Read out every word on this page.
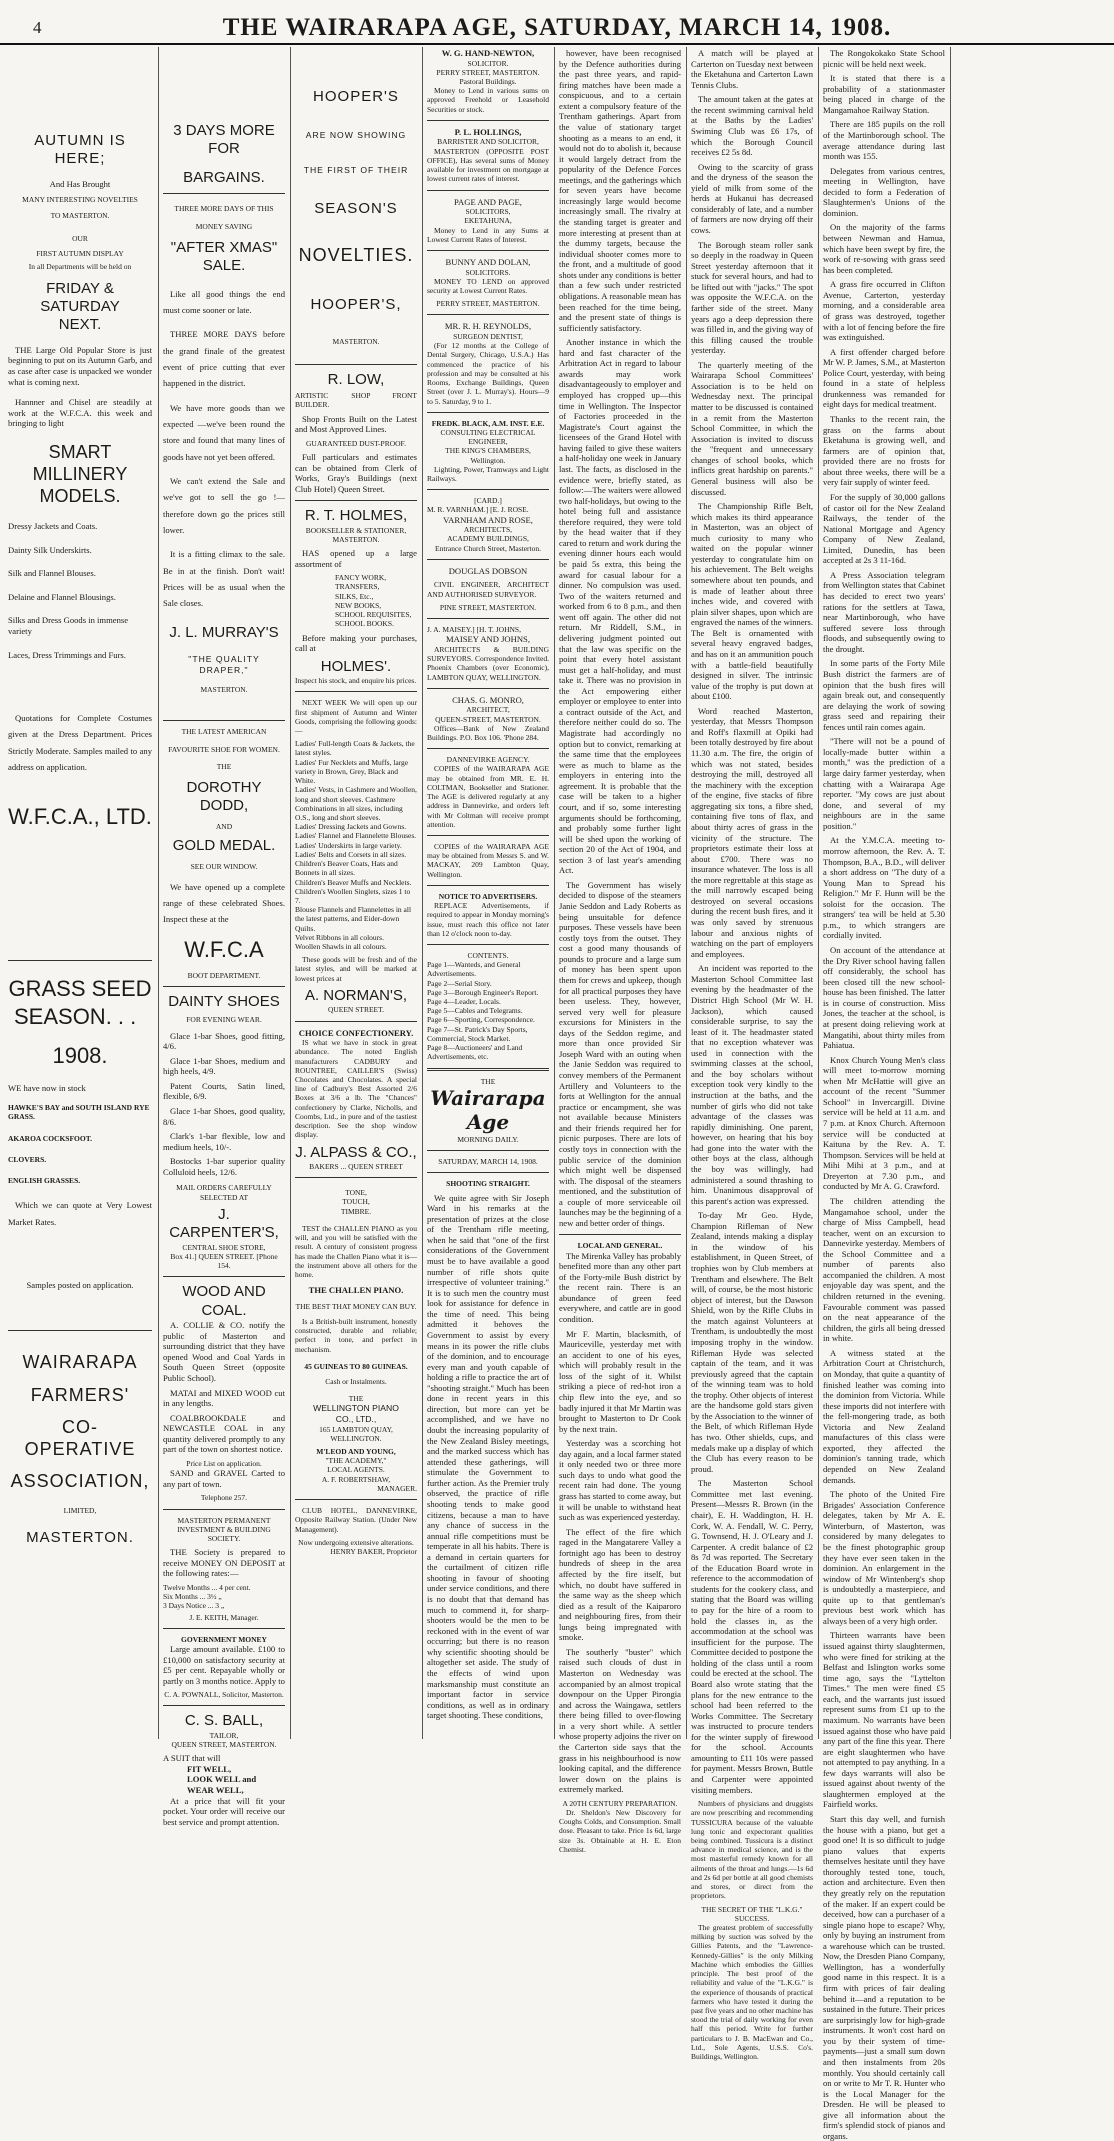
4	THE WAIRARAPA AGE, SATURDAY, MARCH 14, 1908.
AUTUMN IS HERE;
And Has Brought
MANY INTERESTING NOVELTIES
TO MASTERTON.
OUR
FIRST AUTUMN DISPLAY
In all Departments will be held on
FRIDAY & SATURDAY
NEXT.

THE Large Old Popular Store is just beginning to put on its Autumn Garb, and as case after case is unpacked we wonder what is coming next.

Hannner and Chisel are steadily at work at the W.F.C.A. this week and bringing to light

SMART MILLINERY
MODELS.
Dressy Jackets and Coats.
Dainty Silk Underskirts.
Silk and Flannel Blouses.
Delaine and Flannel Blousings.
Silks and Dress Goods in immense variety
Laces, Dress Trimmings and Furs.

Quotations for Complete Costumes given at the Dress Department. Prices Strictly Moderate. Samples mailed to any address on application.

W.F.C.A., LTD.
GRASS SEED
SEASON. . .
1908.
WE have now in stock
HAWKE'S BAY and SOUTH ISLAND RYE GRASS.
AKAROA COCKSFOOT.
CLOVERS.
ENGLISH GRASSES.

Which we can quote at Very Lowest Market Rates.

Samples posted on application.
WAIRARAPA
FARMERS'
CO-OPERATIVE
ASSOCIATION,
LIMITED,
MASTERTON.
3 DAYS MORE FOR
BARGAINS.
THREE MORE DAYS OF THIS
MONEY SAVING
"AFTER XMAS" SALE.

Like all good things the end must come sooner or late.

THREE MORE DAYS before the grand finale of the greatest event of price cutting that ever happened in the district.

We have more goods than we expected —we've been round the store and found that many lines of goods have not yet been offered.

We can't extend the Sale and we've got to sell the go !—therefore down go the prices still lower.

It is a fitting climax to the sale. Be in at the finish. Don't wait! Prices will be as usual when the Sale closes.

J. L. MURRAY'S
"THE QUALITY DRAPER,"
MASTERTON.
THE LATEST AMERICAN
FAVOURITE SHOE FOR WOMEN.
THE
DOROTHY DODD,
AND
GOLD MEDAL.
SEE OUR WINDOW.

We have opened up a complete range of these celebrated Shoes. Inspect these at the

W.F.C.A
BOOT DEPARTMENT.
DAINTY SHOES
FOR EVENING WEAR.

Glace 1-bar Shoes, good fitting, 4/6.

Glace 1-bar Shoes, medium and high heels, 4/9.

Patent Courts, Satin lined, flexible, 6/9.

Glace 1-bar Shoes, good quality, 8/6.

Clark's 1-bar flexible, low and medium heels, 10/-.

Bostocks 1-bar superior quality Colluloid heels, 12/6.

MAIL ORDERS CAREFULLY
SELECTED AT
J. CARPENTER'S,
CENTRAL SHOE STORE,
Box 41.] QUEEN STREET. [Phone 154.
WOOD AND COAL.

A. COLLIE & CO. notify the public of Masterton and surrounding district that they have opened Wood and Coal Yards in South Queen Street (opposite Public School).

MATAI and MIXED WOOD cut in any lengths.

COALBROOKDALE and NEWCASTLE COAL in any quantity delivered promptly to any part of the town on shortest notice.

Price List on application.

SAND and GRAVEL Carted to any part of town.

Telephone 257.
MASTERTON PERMANENT INVESTMENT & BUILDING SOCIETY.

THE Society is prepared to receive MONEY ON DEPOSIT at the following rates:—

Twelve Months ... 4 per cent.
Six Months ... 3½ „
3 Days Notice ... 3 „
J. E. KEITH, Manager.
GOVERNMENT MONEY

Large amount available. £100 to £10,000 on satisfactory security at £5 per cent. Repayable wholly or partly on 3 months notice. Apply to

C. A. POWNALL, Solicitor, Masterton.
C. S. BALL,
TAILOR,
QUEEN STREET, MASTERTON.
A SUIT that will
FIT WELL,
LOOK WELL and
WEAR WELL,

At a price that will fit your pocket. Your order will receive our best service and prompt attention.

HOOPER'S
ARE NOW SHOWING
THE FIRST OF THEIR
SEASON'S
NOVELTIES.
HOOPER'S,
MASTERTON.
R. LOW,
ARTISTIC
BUILDER.
SHOP	FRONT

Shop Fronts Built on the Latest and Most Approved Lines.

GUARANTEED DUST-PROOF.

Full particulars and estimates can be obtained from Clerk of Works, Gray's Buildings (next Club Hotel) Queen Street.

R. T. HOLMES,
BOOKSELLER & STATIONER,
MASTERTON.

HAS opened up a large assortment of

FANCY WORK,
TRANSFERS,
SILKS, Etc.,
NEW BOOKS,
SCHOOL REQUISITES,
SCHOOL BOOKS.

Before making your purchases, call at

HOLMES'.
Inspect his stock, and enquire his prices.

NEXT WEEK We will open up our first shipment of Autumn and Winter Goods, comprising the following goods:—

Ladies' Full-length Coats & Jackets, the latest styles.
Ladies' Fur Necklets and Muffs, large variety in Brown, Grey, Black and White.
Ladies' Vests, in Cashmere and Woollen, long and short sleeves. Cashmere Combinations in all sizes, including O.S., long and short sleeves.
Ladies' Dressing Jackets and Gowns.
Ladies' Flannel and Flannelette Blouses.
Ladies' Underskirts in large variety.
Ladies' Belts and Corsets in all sizes.
Children's Beaver Coats, Hats and Bonnets in all sizes.
Children's Beaver Muffs and Necklets.
Children's Woollen Singlets, sizes 1 to 7.
Blouse Flannels and Flannelettes in all the latest patterns, and Eider-down Quilts.
Velvet Ribbons in all colours.
Woollen Shawls in all colours.

These goods will be fresh and of the latest styles, and will be marked at lowest prices at

A. NORMAN'S,
QUEEN STREET.
CHOICE CONFECTIONERY.

IS what we have in stock in great abundance. The noted English manufacturers CADBURY and ROUNTREE, CAILLER'S (Swiss) Chocolates and Chocolates. A special line of Cadbury's Best Assorted 2/6 Boxes at 3/6 a lb. The "Chances" confectionery by Clarke, Nicholls, and Coombs, Ltd., in pure and of the tastiest description. See the shop window display.

J. ALPASS & CO.,
BAKERS ... QUEEN STREET
TONE,
TOUCH,
TIMBRE.

TEST the CHALLEN PIANO as you will, and you will be satisfied with the result. A century of consistent progress has made the Challen Piano what it is—the instrument above all others for the home.

THE CHALLEN PIANO.
THE BEST THAT MONEY CAN BUY.

Is a British-built instrument, honestly constructed, durable and reliable; perfect in tone, and perfect in mechanism.

45 GUINEAS TO 80 GUINEAS.
Cash or Instalments.
THE
WELLINGTON PIANO
CO., LTD.,
165 LAMBTON QUAY,
WELLINGTON.
M'LEOD AND YOUNG,
"THE ACADEMY,"
LOCAL AGENTS.
A. F. ROBERTSHAW,
MANAGER.

CLUB HOTEL, DANNEVIRKE, Opposite Railway Station. (Under New Management).

Now undergoing extensive alterations.
HENRY BAKER, Proprietor
W. G. HAND-NEWTON,
SOLICITOR.
PERRY STREET, MASTERTON. Pastoral Buildings.

Money to Lend in various sums on approved Freehold or Leasehold Securities or stock.

P. L. HOLLINGS,
BARRISTER AND SOLICITOR,

MASTERTON (OPPOSITE POST OFFICE), Has several sums of Money available for investment on mortgage at lowest current rates of interest.

PAGE AND PAGE,
SOLICITORS,
EKETAHUNA,

Money to Lend in any Sums at Lowest Current Rates of Interest.

BUNNY AND DOLAN,
SOLICITORS.

MONEY TO LEND on approved security at Lowest Current Rates.

PERRY STREET, MASTERTON.
MR. R. H. REYNOLDS,
SURGEON DENTIST,

(For 12 months at the College of Dental Surgery, Chicago, U.S.A.) Has commenced the practice of his profession and may be consulted at his Rooms, Exchange Buildings, Queen Street (over J. L. Murray's). Hours—9 to 5. Saturday, 9 to 1.

FREDK. BLACK, A.M. INST. E.E.
CONSULTING ELECTRICAL ENGINEER,
THE KING'S CHAMBERS,
Wellington.

Lighting, Power, Tramways and Light Railways.

[CARD.]
M. R. VARNHAM.] [E. J. ROSE.
VARNHAM AND ROSE,
ARCHITECTS,
ACADEMY BUILDINGS,
Entrance Church Street, Masterton.
DOUGLAS DOBSON

CIVIL ENGINEER, ARCHITECT AND AUTHORISED SURVEYOR.

PINE STREET, MASTERTON.
J. A. MAISEY.] [H. T. JOHNS,
MAISEY AND JOHNS,

ARCHITECTS & BUILDING SURVEYORS. Correspondence Invited. Phoenix Chambers (over Economic), LAMBTON QUAY, WELLINGTON.

CHAS. G. MONRO,
ARCHITECT,
QUEEN-STREET, MASTERTON.

Offices—Bank of New Zealand Buildings. P.O. Box 106. 'Phone 284.

DANNEVIRKE AGENCY.

COPIES of the WAIRARAPA AGE may be obtained from MR. E. H. COLTMAN, Bookseller and Stationer. The AGE is delivered regularly at any address in Dannevirke, and orders left with Mr Coltman will receive prompt attention.

COPIES of the WAIRARAPA AGE may be obtained from Messrs S. and W. MACKAY, 209 Lambton Quay, Wellington.

NOTICE TO ADVERTISERS.

REPLACE Advertisements, if required to appear in Monday morning's issue, must reach this office not later than 12 o'clock noon to-day.

CONTENTS.
Page 1—Wanteds, and General Advertisements.
Page 2—Serial Story.
Page 3—Borough Engineer's Report.
Page 4—Leader, Locals.
Page 5—Cables and Telegrams.
Page 6—Sporting, Correspondence.
Page 7—St. Patrick's Day Sports, Commercial, Stock Market.
Page 8—Auctioneers' and Land Advertisements, etc.
THE
Wairarapa Age
MORNING DAILY.
SATURDAY, MARCH 14, 1908.
SHOOTING STRAIGHT.

We quite agree with Sir Joseph Ward in his remarks at the presentation of prizes at the close of the Trentham rifle meeting, when he said that "one of the first considerations of the Government must be to have available a good number of rifle shots quite irrespective of volunteer training." It is to such men the country must look for assistance for defence in the time of need. This being admitted it behoves the Government to assist by every means in its power the rifle clubs of the dominion, and to encourage every man and youth capable of holding a rifle to practice the art of "shooting straight." Much has been done in recent years in this direction, but more can yet be accomplished, and we have no doubt the increasing popularity of the New Zealand Bisley meetings, and the marked success which has attended these gatherings, will stimulate the Government to further action. As the Premier truly observed, the practice of rifle shooting tends to make good citizens, because a man to have any chance of success in the annual rifle competitions must be temperate in all his habits. There is a demand in certain quarters for the curtailment of citizen rifle shooting in favour of shooting under service conditions, and there is no doubt that that demand has much to commend it, for sharp-shooters would be the men to be reckoned with in the event of war occurring; but there is no reason why scientific shooting should be altogether set aside. The study of the effects of wind upon marksmanship must constitute an important factor in service conditions, as well as in ordinary target shooting. These conditions,

however, have been recognised by the Defence authorities during the past three years, and rapid-firing matches have been made a conspicuous, and to a certain extent a compulsory feature of the Trentham gatherings. Apart from the value of stationary target shooting as a means to an end, it would not do to abolish it, because it would largely detract from the popularity of the Defence Forces meetings, and the gatherings which for seven years have become increasingly large would become increasingly small. The rivalry at the standing target is greater and more interesting at present than at the dummy targets, because the individual shooter comes more to the front, and a multitude of good shots under any conditions is better than a few such under restricted obligations. A reasonable mean has been reached for the time being, and the present state of things is sufficiently satisfactory.

Another instance in which the hard and fast character of the Arbitration Act in regard to labour awards may work disadvantageously to employer and employed has cropped up—this time in Wellington. The Inspector of Factories proceeded in the Magistrate's Court against the licensees of the Grand Hotel with having failed to give these waiters a half-holiday one week in January last. The facts, as disclosed in the evidence were, briefly stated, as follow:—The waiters were allowed two half-holidays, but owing to the hotel being full and assistance therefore required, they were told by the head waiter that if they cared to return and work during the evening dinner hours each would be paid 5s extra, this being the award for casual labour for a dinner. No compulsion was used. Two of the waiters returned and worked from 6 to 8 p.m., and then went off again. The other did not return. Mr Riddell, S.M., in delivering judgment pointed out that the law was specific on the point that every hotel assistant must get a half-holiday, and must take it. There was no provision in the Act empowering either employer or employee to enter into a contract outside of the Act, and therefore neither could do so. The Magistrate had accordingly no option but to convict, remarking at the same time that the employees were as much to blame as the employers in entering into the agreement. It is probable that the case will be taken to a higher court, and if so, some interesting arguments should be forthcoming, and probably some further light will be shed upon the working of section 20 of the Act of 1904, and section 3 of last year's amending Act.

The Government has wisely decided to dispose of the steamers Janie Seddon and Lady Roberts as being unsuitable for defence purposes. These vessels have been costly toys from the outset. They cost a good many thousands of pounds to procure and a large sum of money has been spent upon them for crews and upkeep, though for all practical purposes they have been useless. They, however, served very well for pleasure excursions for Ministers in the days of the Seddon regime, and more than once provided Sir Joseph Ward with an outing when the Janie Seddon was required to convey members of the Permanent Artillery and Volunteers to the forts at Wellington for the annual practice or encampment, she was not available because Ministers and their friends required her for picnic purposes. There are lots of costly toys in connection with the public service of the dominion which might well be dispensed with. The disposal of the steamers mentioned, and the substitution of a couple of more serviceable oil launches may be the beginning of a new and better order of things.

LOCAL AND GENERAL.

The Mirenka Valley has probably benefited more than any other part of the Forty-mile Bush district by the recent rain. There is an abundance of green feed everywhere, and cattle are in good condition.

Mr F. Martin, blacksmith, of Mauriceville, yesterday met with an accident to one of his eyes, which will probably result in the loss of the sight of it. Whilst striking a piece of red-hot iron a chip flew into the eye, and so badly injured it that Mr Martin was brought to Masterton to Dr Cook by the next train.

Yesterday was a scorching hot day again, and a local farmer stated it only needed two or three more such days to undo what good the recent rain had done. The young grass has started to come away, but it will be unable to withstand heat such as was experienced yesterday.

The effect of the fire which raged in the Mangatarere Valley a fortnight ago has been to destroy hundreds of sheep in the area affected by the fire itself, but which, no doubt have suffered in the same way as the sheep which died as a result of the Kaiparoro and neighbouring fires, from their lungs being impregnated with smoke.

The southerly "buster" which raised such clouds of dust in Masterton on Wednesday was accompanied by an almost tropical downpour on the Upper Pirongia and across the Waingawa, settlers there being filled to over-flowing in a very short while. A settler whose property adjoins the river on the Carterton side says that the grass in his neighbourhood is now looking capital, and the difference lower down on the plains is extremely marked.

A 20TH CENTURY PREPARATION.

Dr. Sheldon's New Discovery for Coughs Colds, and Consumption. Small dose. Pleasant to take. Price 1s 6d, large size 3s. Obtainable at H. E. Eton Chemist.

A match will be played at Carterton on Tuesday next between the Eketahuna and Carterton Lawn Tennis Clubs.

The amount taken at the gates at the recent swimming carnival held at the Baths by the Ladies' Swiming Club was £6 17s, of which the Borough Council receives £2 5s 8d.

Owing to the scarcity of grass and the dryness of the season the yield of milk from some of the herds at Hukanui has decreased considerably of late, and a number of farmers are now drying off their cows.

The Borough steam roller sank so deeply in the roadway in Queen Street yesterday afternoon that it stuck for several hours, and had to be lifted out with "jacks." The spot was opposite the W.F.C.A. on the farther side of the street. Many years ago a deep depression there was filled in, and the giving way of this filling caused the trouble yesterday.

The quarterly meeting of the Wairarapa School Committees' Association is to be held on Wednesday next. The principal matter to be discussed is contained in a remit from the Masterton School Committee, in which the Association is invited to discuss the "frequent and unnecessary changes of school books, which inflicts great hardship on parents." General business will also be discussed.

The Championship Rifle Belt, which makes its third appearance in Masterton, was an object of much curiosity to many who waited on the popular winner yesterday to congratulate him on his achievement. The Belt weighs somewhere about ten pounds, and is made of leather about three inches wide, and covered with plain silver shapes, upon which are engraved the names of the winners. The Belt is ornamented with several heavy engraved badges, and has on it an ammunition pouch with a battle-field beautifully designed in silver. The intrinsic value of the trophy is put down at about £100.

Word reached Masterton, yesterday, that Messrs Thompson and Roff's flaxmill at Opiki had been totally destroyed by fire about 11.30 a.m. The fire, the origin of which was not stated, besides destroying the mill, destroyed all the machinery with the exception of the engine, five stacks of fibre aggregating six tons, a fibre shed, containing five tons of flax, and about thirty acres of grass in the vicinity of the structure. The proprietors estimate their loss at about £700. There was no insurance whatever. The loss is all the more regrettable at this stage as the mill narrowly escaped being destroyed on several occasions during the recent bush fires, and it was only saved by strenuous labour and anxious nights of watching on the part of employers and employees.

An incident was reported to the Masterton School Committee last evening by the headmaster of the District High School (Mr W. H. Jackson), which caused considerable surprise, to say the least of it. The headmaster stated that no exception whatever was used in connection with the swimming classes at the school, and the boy scholars without exception took very kindly to the instruction at the baths, and the number of girls who did not take advantage of the classes was rapidly diminishing. One parent, however, on hearing that his boy had gone into the water with the other boys at the class, although the boy was willingly, had administered a sound thrashing to him. Unanimous disapproval of this parent's action was expressed.

To-day Mr Geo. Hyde, Champion Rifleman of New Zealand, intends making a display in the window of his establishment, in Queen Street, of trophies won by Club members at Trentham and elsewhere. The Belt will, of course, be the most historic object of interest, but the Dawson Shield, won by the Rifle Clubs in the match against Volunteers at Trentham, is undoubtedly the most imposing trophy in the window. Rifleman Hyde was selected captain of the team, and it was previously agreed that the captain of the winning team was to hold the trophy. Other objects of interest are the handsome gold stars given by the Association to the winner of the Belt, of which Rifleman Hyde has two. Other shields, cups, and medals make up a display of which the Club has every reason to be proud.

The Masterton School Committee met last evening. Present—Messrs R. Brown (in the chair), E. H. Waddington, H. H. Cork, W. A. Fendall, W. C. Perry, G. Townsend, H. J. O'Leary and J. Carpenter. A credit balance of £2 8s 7d was reported. The Secretary of the Education Board wrote in reference to the accommodation of students for the cookery class, and stating that the Board was willing to pay for the hire of a room to hold the classes in, as the accommodation at the school was insufficient for the purpose. The Committee decided to postpone the holding of the class until a room could be erected at the school. The Board also wrote stating that the plans for the new entrance to the school had been referred to the Works Committee. The Secretary was instructed to procure tenders for the winter supply of firewood for the school. Accounts amounting to £11 10s were passed for payment. Messrs Brown, Buttle and Carpenter were appointed visiting members.

Numbers of physicians and druggists are now prescribing and recommending TUSSICURA because of the valuable lung tonic and expectorant qualities being combined. Tussicura is a distinct advance in medical science, and is the most masterful remedy known for all ailments of the throat and lungs.—1s 6d and 2s 6d per bottle at all good chemists and stores, or direct from the proprietors.

THE SECRET OF THE "L.K.G." SUCCESS.

The greatest problem of successfully milking by suction was solved by the Gillies Patents, and the "Lawrence-Kennedy-Gillies" is the only Milking Machine which embodies the Gillies principle. The best proof of the reliability and value of the "L.K.G." is the experience of thousands of practical farmers who have tested it during the past five years and no other machine has stood the trial of daily working for even half this period. Write for further particulars to J. B. MacEwan and Co., Ltd., Sole Agents, U.S.S. Co's. Buildings, Wellington.

The Rongokokako State School picnic will be held next week.

It is stated that there is a probability of a stationmaster being placed in charge of the Mangamahoe Railway Station.

There are 185 pupils on the roll of the Martinborough school. The average attendance during last month was 155.

Delegates from various centres, meeting in Wellington, have decided to form a Federation of Slaughtermen's Unions of the dominion.

On the majority of the farms between Newman and Hamua, which have been swept by fire, the work of re-sowing with grass seed has been completed.

A grass fire occurred in Clifton Avenue, Carterton, yesterday morning, and a considerable area of grass was destroyed, together with a lot of fencing before the fire was extinguished.

A first offender charged before Mr W. P. James, S.M., at Masterton Police Court, yesterday, with being found in a state of helpless drunkenness was remanded for eight days for medical treatment.

Thanks to the recent rain, the grass on the farms about Eketahuna is growing well, and farmers are of opinion that, provided there are no frosts for about three weeks, there will be a very fair supply of winter feed.

For the supply of 30,000 gallons of castor oil for the New Zealand Railways, the tender of the National Mortgage and Agency Company of New Zealand, Limited, Dunedin, has been accepted at 2s 3 11-16d.

A Press Association telegram from Wellington states that Cabinet has decided to erect two years' rations for the settlers at Tawa, near Martinborough, who have suffered severe loss through floods, and subsequently owing to the drought.

In some parts of the Forty Mile Bush district the farmers are of opinion that the bush fires will again break out, and consequently are delaying the work of sowing grass seed and repairing their fences until rain comes again.

"There will not be a pound of locally-made butter within a month," was the prediction of a large dairy farmer yesterday, when chatting with a Wairarapa Age reporter. "My cows are just about done, and several of my neighbours are in the same position."

At the Y.M.C.A. meeting to-morrow afternoon, the Rev. A. T. Thompson, B.A., B.D., will deliver a short address on "The duty of a Young Man to Spread his Religion." Mr F. Hunn will be the soloist for the occasion. The strangers' tea will be held at 5.30 p.m., to which strangers are cordially invited.

On account of the attendance at the Dry River school having fallen off considerably, the school has been closed till the new school-house has been finished. The latter is in course of construction. Miss Jones, the teacher at the school, is at present doing relieving work at Mangatihi, about thirty miles from Pahiatua.

Knox Church Young Men's class will meet to-morrow morning when Mr McHattie will give an account of the recent "Summer School" in Invercargill. Divine service will be held at 11 a.m. and 7 p.m. at Knox Church. Afternoon service will be conducted at Kaituna by the Rev. A. T. Thompson. Services will be held at Mihi Mihi at 3 p.m., and at Dreyerton at 7.30 p.m., and conducted by Mr A. G. Crawford.

The children attending the Mangamahoe school, under the charge of Miss Campbell, head teacher, went on an excursion to Dannevirke yesterday. Members of the School Committee and a number of parents also accompanied the children. A most enjoyable day was spent, and the children returned in the evening. Favourable comment was passed on the neat appearance of the children, the girls all being dressed in white.

A witness stated at the Arbitration Court at Christchurch, on Monday, that quite a quantity of finished leather was coming into the dominion from Victoria. While these imports did not interfere with the fell-mongering trade, as both Victoria and New Zealand manufactures of this class were exported, they affected the dominion's tanning trade, which depended on New Zealand demands.

The photo of the United Fire Brigades' Association Conference delegates, taken by Mr A. E. Winterburn, of Masterton, was considered by many delegates to be the finest photographic group they have ever seen taken in the dominion. An enlargement in the window of Mr Wintenberg's shop is undoubtedly a masterpiece, and quite up to that gentleman's previous best work which has always been of a very high order.

Thirteen warrants have been issued against thirty slaughtermen, who were fined for striking at the Belfast and Islington works some time ago, says the "Lyttelton Times." The men were fined £5 each, and the warrants just issued represent sums from £1 up to the maximum. No warrants have been issued against those who have paid any part of the fine this year. There are eight slaughtermen who have not attempted to pay anything. In a few days warrants will also be issued against about twenty of the slaughtermen employed at the Fairfield works.

Start this day well, and furnish the house with a piano, but get a good one! It is so difficult to judge piano values that experts themselves hesitate until they have thoroughly tested tone, touch, action and architecture. Even then they greatly rely on the reputation of the maker. If an expert could be deceived, how can a purchaser of a single piano hope to escape? Why, only by buying an instrument from a warehouse which can be trusted. Now, the Dresden Piano Company, Wellington, has a wonderfully good name in this respect. It is a firm with prices of fair dealing behind it—and a reputation to be sustained in the future. Their prices are surprisingly low for high-grade instruments. It won't cost hard on you by their system of time-payments—just a small sum down and then instalments from 20s monthly. You should certainly call on or write to Mr T. R. Hunter who is the Local Manager for the Dresden. He will be pleased to give all information about the firm's splendid stock of pianos and organs.
